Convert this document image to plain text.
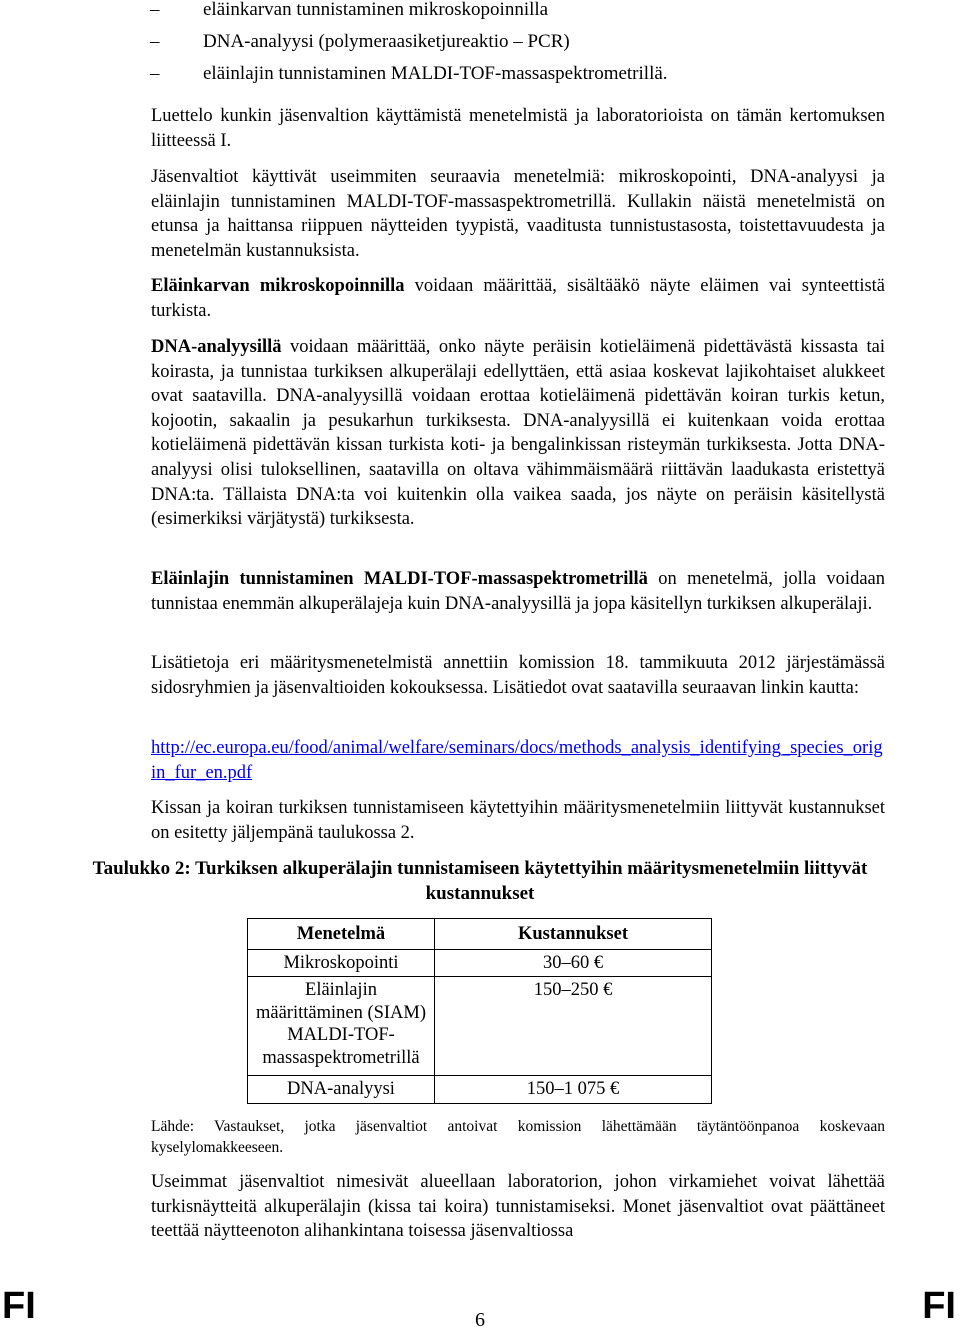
– eläinkarvan tunnistaminen mikroskopoinnilla
– DNA-analyysi (polymeraasiketjureaktio – PCR)
– eläinlajin tunnistaminen MALDI-TOF-massaspektrometrillä.
Luettelo kunkin jäsenvaltion käyttämistä menetelmistä ja laboratorioista on tämän kertomuksen liitteessä I.
Jäsenvaltiot käyttivät useimmiten seuraavia menetelmiä: mikroskopointi, DNA-analyysi ja eläinlajin tunnistaminen MALDI-TOF-massaspektrometrillä. Kullakin näistä menetelmistä on etunsa ja haittansa riippuen näytteiden tyypistä, vaaditusta tunnistustasosta, toistettavuudesta ja menetelmän kustannuksista.
Eläinkarvan mikroskopoinnilla voidaan määrittää, sisältääkö näyte eläimen vai synteettistä turkista.
DNA-analyysillä voidaan määrittää, onko näyte peräisin kotieläimenä pidettävästä kissasta tai koirasta, ja tunnistaa turkiksen alkuperälaji edellyttäen, että asiaa koskevat lajikohtaiset alukkeet ovat saatavilla. DNA-analyysillä voidaan erottaa kotieläimenä pidettävän koiran turkis ketun, kojootin, sakaalin ja pesukarhun turkiksesta. DNA-analyysillä ei kuitenkaan voida erottaa kotieläimenä pidettävän kissan turkista koti- ja bengalinkissan risteymän turkiksesta. Jotta DNA-analyysi olisi tuloksellinen, saatavilla on oltava vähimmäismäärä riittävän laadukasta eristettyä DNA:ta. Tällaista DNA:ta voi kuitenkin olla vaikea saada, jos näyte on peräisin käsitellystä (esimerkiksi värjätystä) turkiksesta.
Eläinlajin tunnistaminen MALDI-TOF-massaspektrometrillä on menetelmä, jolla voidaan tunnistaa enemmän alkuperälajeja kuin DNA-analyysillä ja jopa käsitellyn turkiksen alkuperälaji.
Lisätietoja eri määritysmenetelmistä annettiin komission 18. tammikuuta 2012 järjestämässä sidosryhmien ja jäsenvaltioiden kokouksessa. Lisätiedot ovat saatavilla seuraavan linkin kautta:
http://ec.europa.eu/food/animal/welfare/seminars/docs/methods_analysis_identifying_species_origin_fur_en.pdf
Kissan ja koiran turkiksen tunnistamiseen käytettyihin määritysmenetelmiin liittyvät kustannukset on esitetty jäljempänä taulukossa 2.
Taulukko 2: Turkiksen alkuperälajin tunnistamiseen käytettyihin määritysmenetelmiin liittyvät kustannukset
Menetelmä	Kustannukset
Mikroskopointi	30–60 €
Eläinlajin määrittäminen (SIAM) MALDI-TOF-massaspektrometrillä	150–250 €
DNA-analyysi	150–1 075 €
Lähde: Vastaukset, jotka jäsenvaltiot antoivat komission lähettämään täytäntöönpanoa koskevaan kyselylomakkeeseen.
Useimmat jäsenvaltiot nimesivät alueellaan laboratorion, johon virkamiehet voivat lähettää turkisnäytteitä alkuperälajin (kissa tai koira) tunnistamiseksi. Monet jäsenvaltiot ovat päättäneet teettää näytteenoton alihankintana toisessa jäsenvaltiossa
FI	6	FI
